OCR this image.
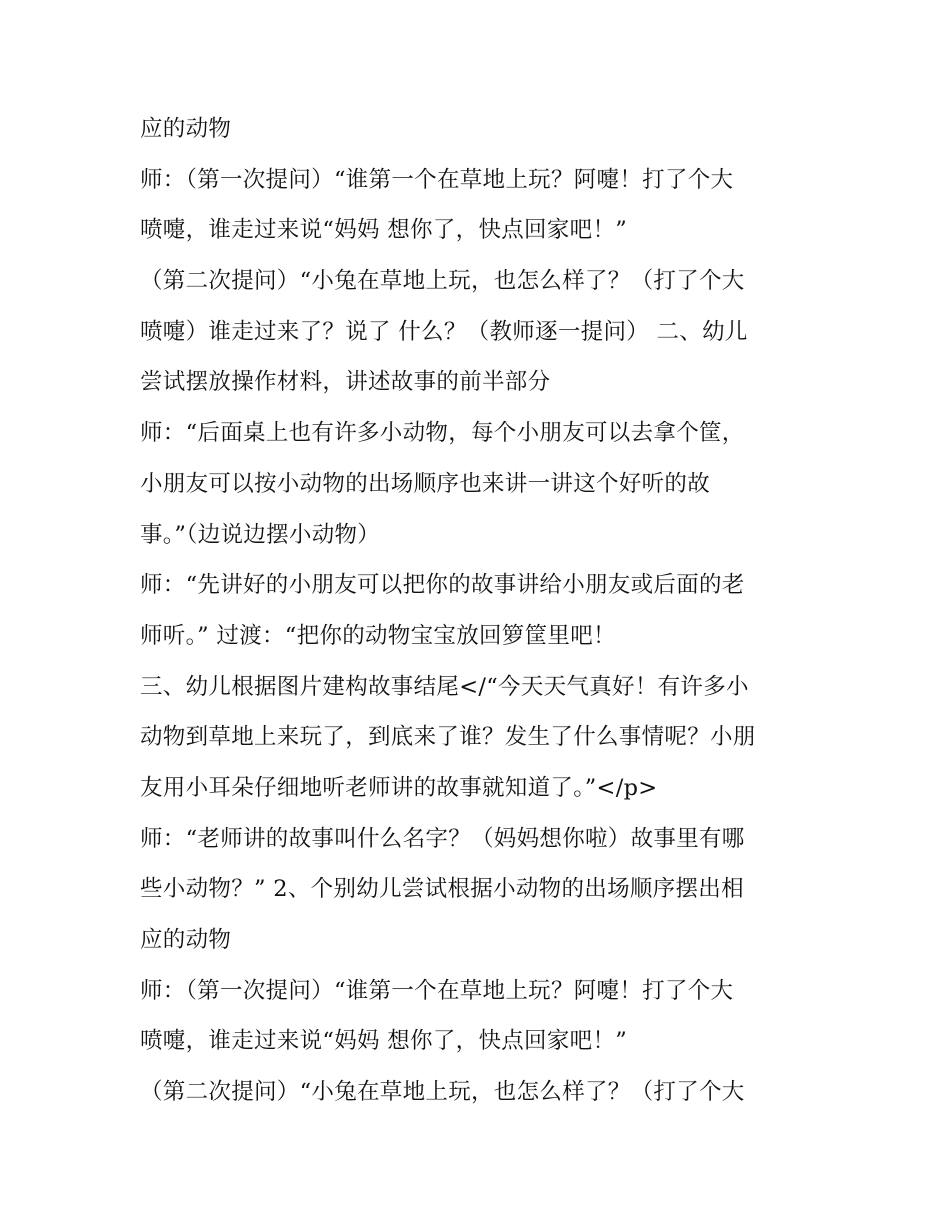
应的动物
师：（第一次提问）“谁第一个在草地上玩？阿嚏！打了个大
喷嚏，谁走过来说“妈妈 想你了，快点回家吧！”
（第二次提问）“小兔在草地上玩，也怎么样了？（打了个大
喷嚏）谁走过来了？说了 什么？（教师逐一提问） 二、幼儿
尝试摆放操作材料，讲述故事的前半部分
师：“后面桌上也有许多小动物，每个小朋友可以去拿个筐，
小朋友可以按小动物的出场顺序也来讲一讲这个好听的故
事。”（边说边摆小动物）
师：“先讲好的小朋友可以把你的故事讲给小朋友或后面的老
师听。” 过渡：“把你的动物宝宝放回箩筐里吧！
三、幼儿根据图片建构故事结尾</“今天天气真好！有许多小
动物到草地上来玩了，到底来了谁？发生了什么事情呢？小朋
友用小耳朵仔细地听老师讲的故事就知道了。”</p>
师：“老师讲的故事叫什么名字？（妈妈想你啦）故事里有哪
些小动物？” 2、个别幼儿尝试根据小动物的出场顺序摆出相
应的动物
师：（第一次提问）“谁第一个在草地上玩？阿嚏！打了个大
喷嚏，谁走过来说“妈妈 想你了，快点回家吧！”
（第二次提问）“小兔在草地上玩，也怎么样了？（打了个大
